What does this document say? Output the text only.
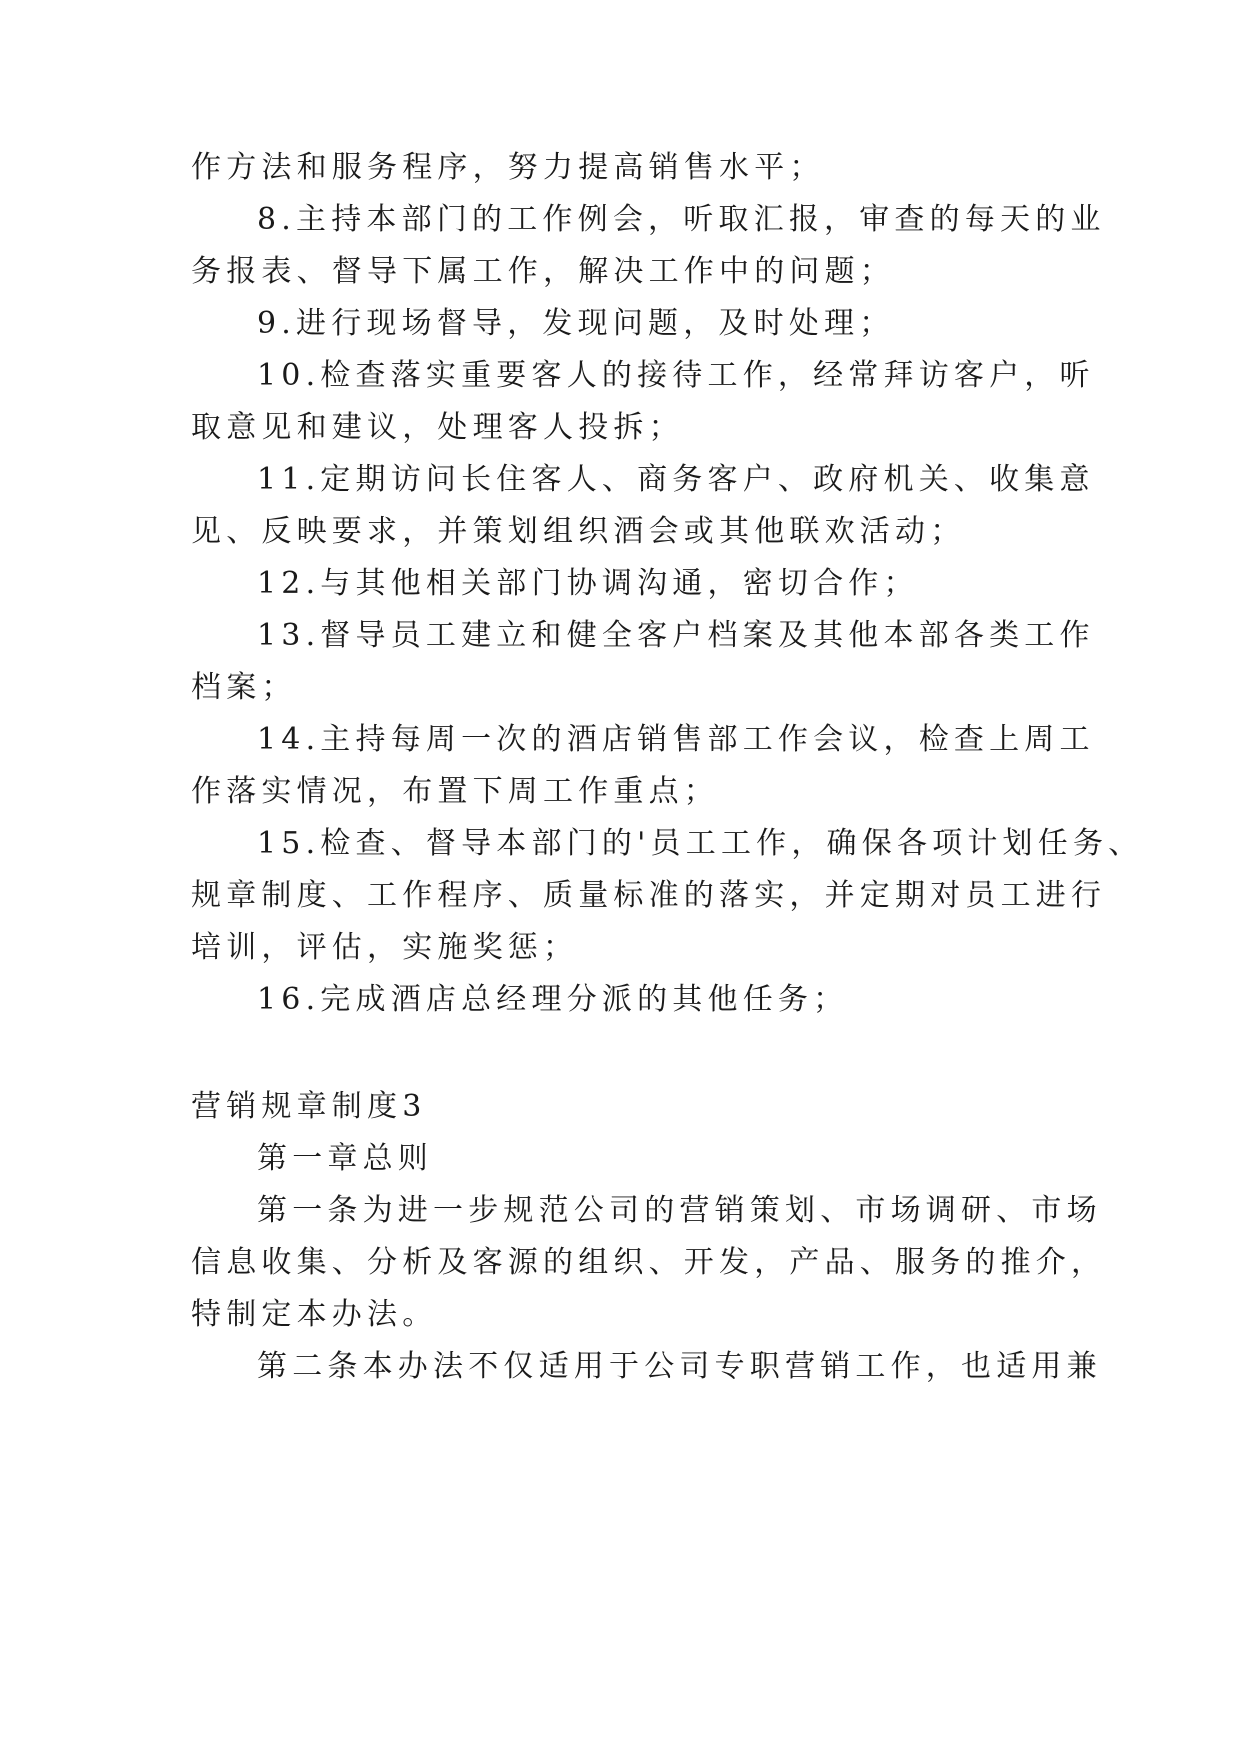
作方法和服务程序，努力提高销售水平；
8.主持本部门的工作例会，听取汇报，审查的每天的业
务报表、督导下属工作，解决工作中的问题；
9.进行现场督导，发现问题，及时处理；
10.检查落实重要客人的接待工作，经常拜访客户，听
取意见和建议，处理客人投拆；
11.定期访问长住客人、商务客户、政府机关、收集意
见、反映要求，并策划组织酒会或其他联欢活动；
12.与其他相关部门协调沟通，密切合作；
13.督导员工建立和健全客户档案及其他本部各类工作
档案；
14.主持每周一次的酒店销售部工作会议，检查上周工
作落实情况，布置下周工作重点；
15.检查、督导本部门的'员工工作，确保各项计划任务、
规章制度、工作程序、质量标准的落实，并定期对员工进行
培训，评估，实施奖惩；
16.完成酒店总经理分派的其他任务；
营销规章制度3
第一章总则
第一条为进一步规范公司的营销策划、市场调研、市场
信息收集、分析及客源的组织、开发，产品、服务的推介，
特制定本办法。
第二条本办法不仅适用于公司专职营销工作，也适用兼
